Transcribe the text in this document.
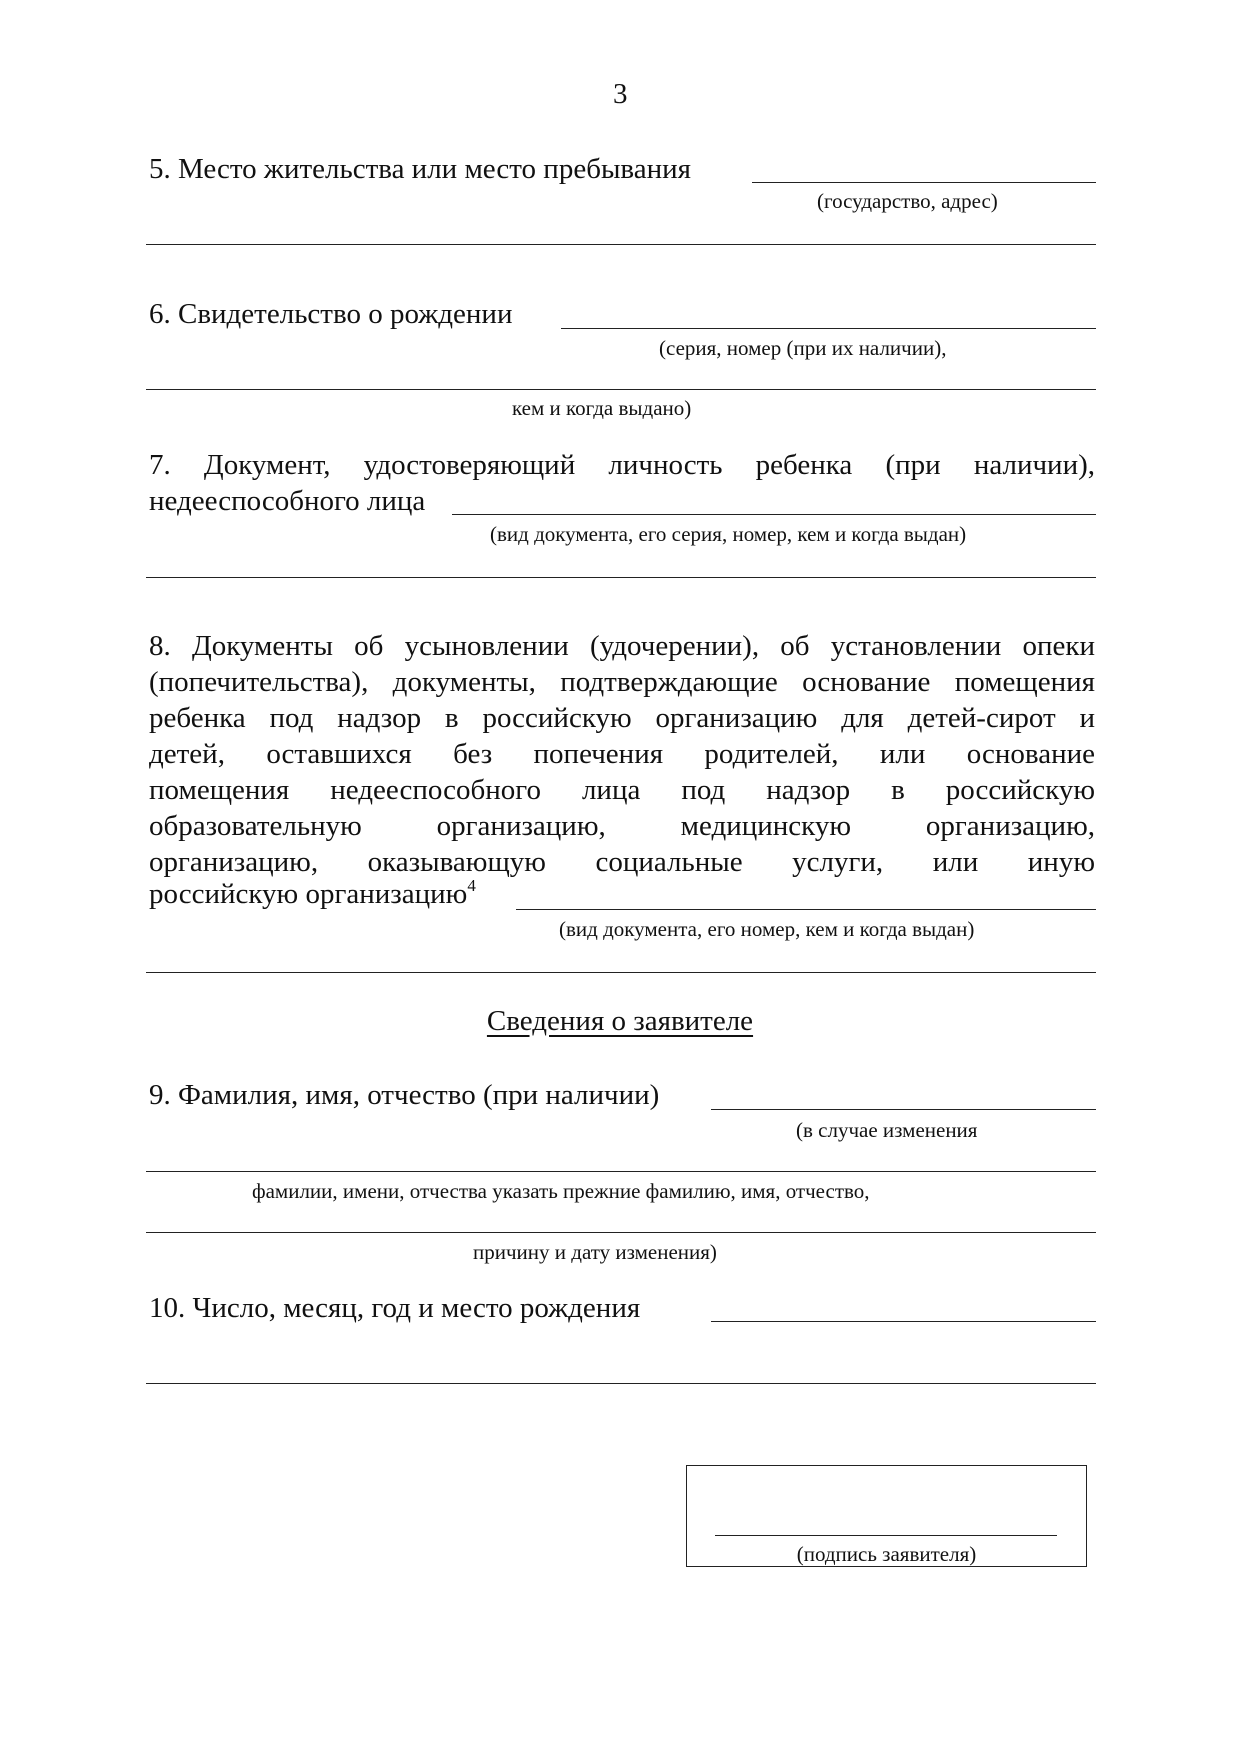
3
5. Место жительства или место пребывания
(государство, адрес)
6. Свидетельство о рождении
(серия, номер (при их наличии),
кем и когда выдано)
7. Документ, удостоверяющий личность ребенка (при наличии),
недееспособного лица
(вид документа, его серия, номер, кем и когда выдан)
8. Документы об усыновлении (удочерении), об установлении опеки
(попечительства), документы, подтверждающие основание помещения
ребенка под надзор в российскую организацию для детей-сирот и
детей, оставшихся без попечения родителей, или основание
помещения недееспособного лица под надзор в российскую
образовательную организацию, медицинскую организацию,
организацию, оказывающую социальные услуги, или иную
российскую организацию$^4$
(вид документа, его номер, кем и когда выдан)
Сведения о заявителе
9. Фамилия, имя, отчество (при наличии)
(в случае изменения
фамилии, имени, отчества указать прежние фамилию, имя, отчество,
причину и дату изменения)
10. Число, месяц, год и место рождения
(подпись заявителя)
